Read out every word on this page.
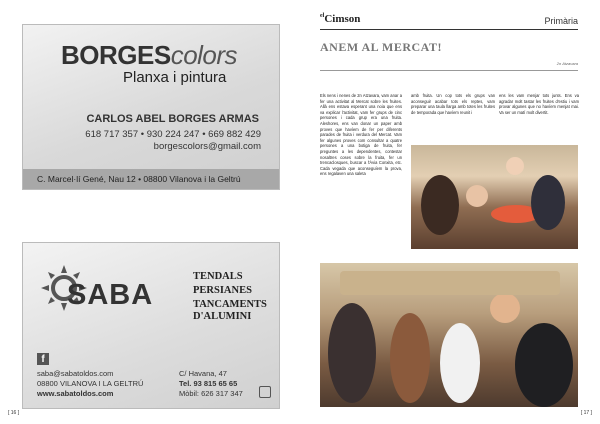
BORGEScolors
Planxa i pintura
CARLOS ABEL BORGES ARMAS
618 717 357 • 930 224 247 • 669 882 429
borgescolors@gmail.com
C. Marcel·lí Gené, Nau 12 • 08800 Vilanova i la Geltrú
SABA
TENDALS
PERSIANES
TANCAMENTS
D'ALUMINI
f
saba@sabatoldos.com
08800 VILANOVA I LA GELTRÚ
www.sabatoldos.com
C/ Havana, 47
Tel. 93 815 65 65
Mòbil: 626 317 347
[ 16 ]
$^{el}$Cimson	Primària
ANEM AL MERCAT!
2n Atzavara
Els nens i nenes de 2n Atzavara, vam anar a fer una activitat al Mercat sobre les fruites. Allà ens estava esperant una noia que ens va explicar l'activitat, vam fer grups de cinc persones i cada grup era una fruita. Aleshores, ens van donar un paper amb proves que havíem de fer per diferents parades de fruita i verdura del Mercat. Vam fer algunes proves com consultar a quatre persones a una botiga de fruita, fer preguntes a les dependentes, contestar nosaltres coses sobre la fruita, fer un trencaclosques, buscar a l'Àvia Conxita, etc. Cada vegada que aconseguíem la prova, ens regalaven una saleta
amb fruita. Un cop tots els grups van aconseguir acabar tots els reptes, vam preparar una taula llarga amb totes les fruites de temporada que havíem reunit i
ens les vam menjar tots junts. Ens va agradar molt tastar les fruites d'estiu i vam provar algunes que no havíem menjat mai. Va ser un matí molt divertit.
[ 17 ]
